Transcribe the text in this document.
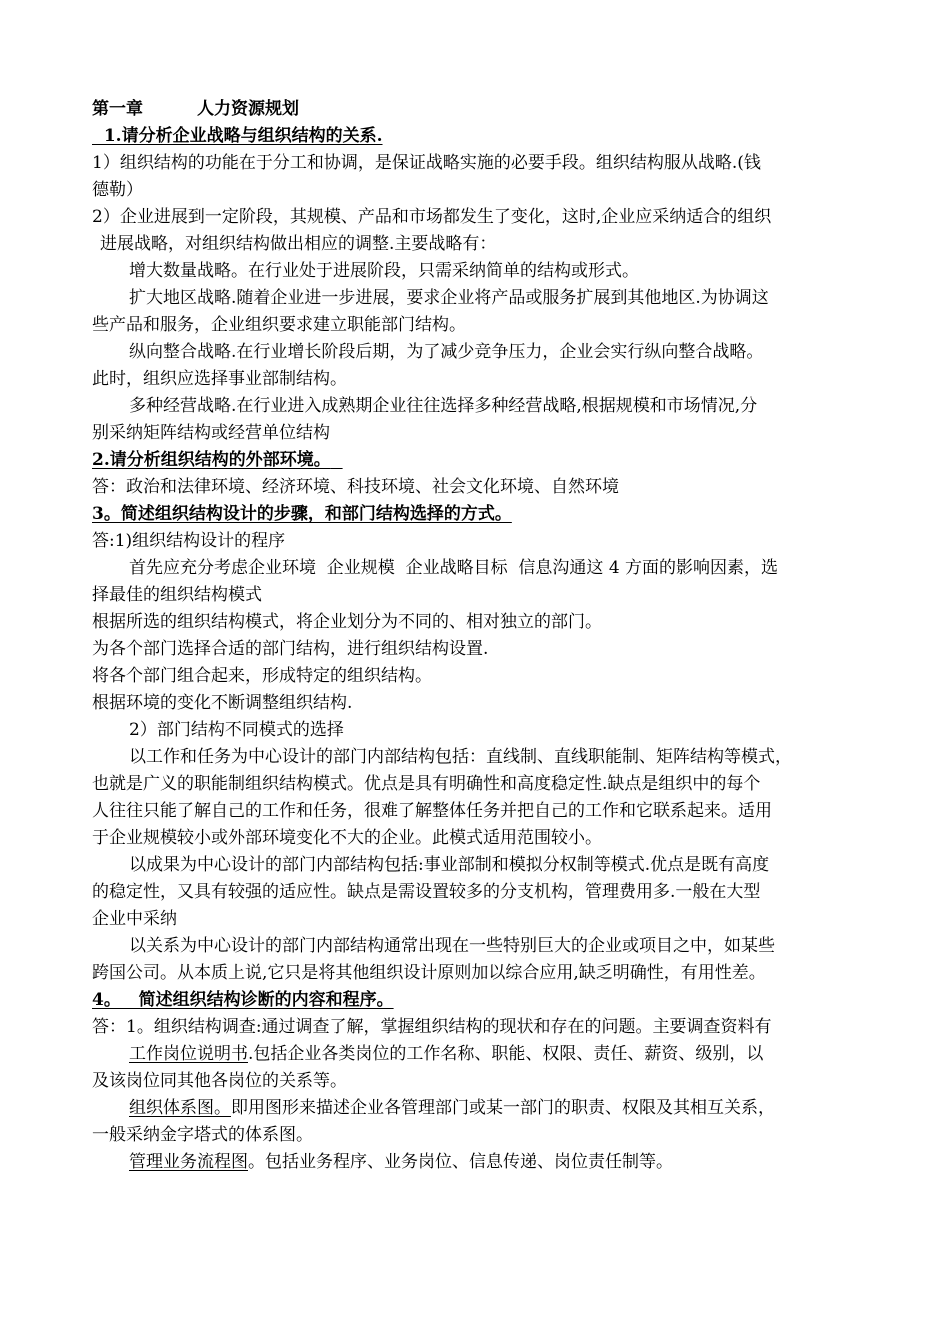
第一章	人力资源规划
1.请分析企业战略与组织结构的关系.
1）组织结构的功能在于分工和协调，是保证战略实施的必要手段。组织结构服从战略.(钱
德勒）
2）企业进展到一定阶段，其规模、产品和市场都发生了变化，这时,企业应采纳适合的组织
进展战略，对组织结构做出相应的调整.主要战略有：
增大数量战略。在行业处于进展阶段，只需采纳简单的结构或形式。
扩大地区战略.随着企业进一步进展，要求企业将产品或服务扩展到其他地区.为协调这
些产品和服务，企业组织要求建立职能部门结构。
纵向整合战略.在行业增长阶段后期，为了减少竞争压力，企业会实行纵向整合战略。
此时，组织应选择事业部制结构。
多种经营战略.在行业进入成熟期企业往往选择多种经营战略,根据规模和市场情况,分
别采纳矩阵结构或经营单位结构
2.请分析组织结构的外部环境。
答：政治和法律环境、经济环境、科技环境、社会文化环境、自然环境
3。简述组织结构设计的步骤，和部门结构选择的方式。
答:1)组织结构设计的程序
首先应充分考虑企业环境  企业规模  企业战略目标  信息沟通这 4 方面的影响因素，选
择最佳的组织结构模式
根据所选的组织结构模式，将企业划分为不同的、相对独立的部门。
为各个部门选择合适的部门结构，进行组织结构设置.
将各个部门组合起来，形成特定的组织结构。
根据环境的变化不断调整组织结构.
2）部门结构不同模式的选择
以工作和任务为中心设计的部门内部结构包括：直线制、直线职能制、矩阵结构等模式，
也就是广义的职能制组织结构模式。优点是具有明确性和高度稳定性.缺点是组织中的每个
人往往只能了解自己的工作和任务，很难了解整体任务并把自己的工作和它联系起来。适用
于企业规模较小或外部环境变化不大的企业。此模式适用范围较小。
以成果为中心设计的部门内部结构包括:事业部制和模拟分权制等模式.优点是既有高度
的稳定性，又具有较强的适应性。缺点是需设置较多的分支机构，管理费用多.一般在大型
企业中采纳
以关系为中心设计的部门内部结构通常出现在一些特别巨大的企业或项目之中，如某些
跨国公司。从本质上说,它只是将其他组织设计原则加以综合应用,缺乏明确性，有用性差。
4。   简述组织结构诊断的内容和程序。
答：1。组织结构调查:通过调查了解，掌握组织结构的现状和存在的问题。主要调查资料有
工作岗位说明书.包括企业各类岗位的工作名称、职能、权限、责任、薪资、级别，以
及该岗位同其他各岗位的关系等。
组织体系图。即用图形来描述企业各管理部门或某一部门的职责、权限及其相互关系，
一般采纳金字塔式的体系图。
管理业务流程图。包括业务程序、业务岗位、信息传递、岗位责任制等。
